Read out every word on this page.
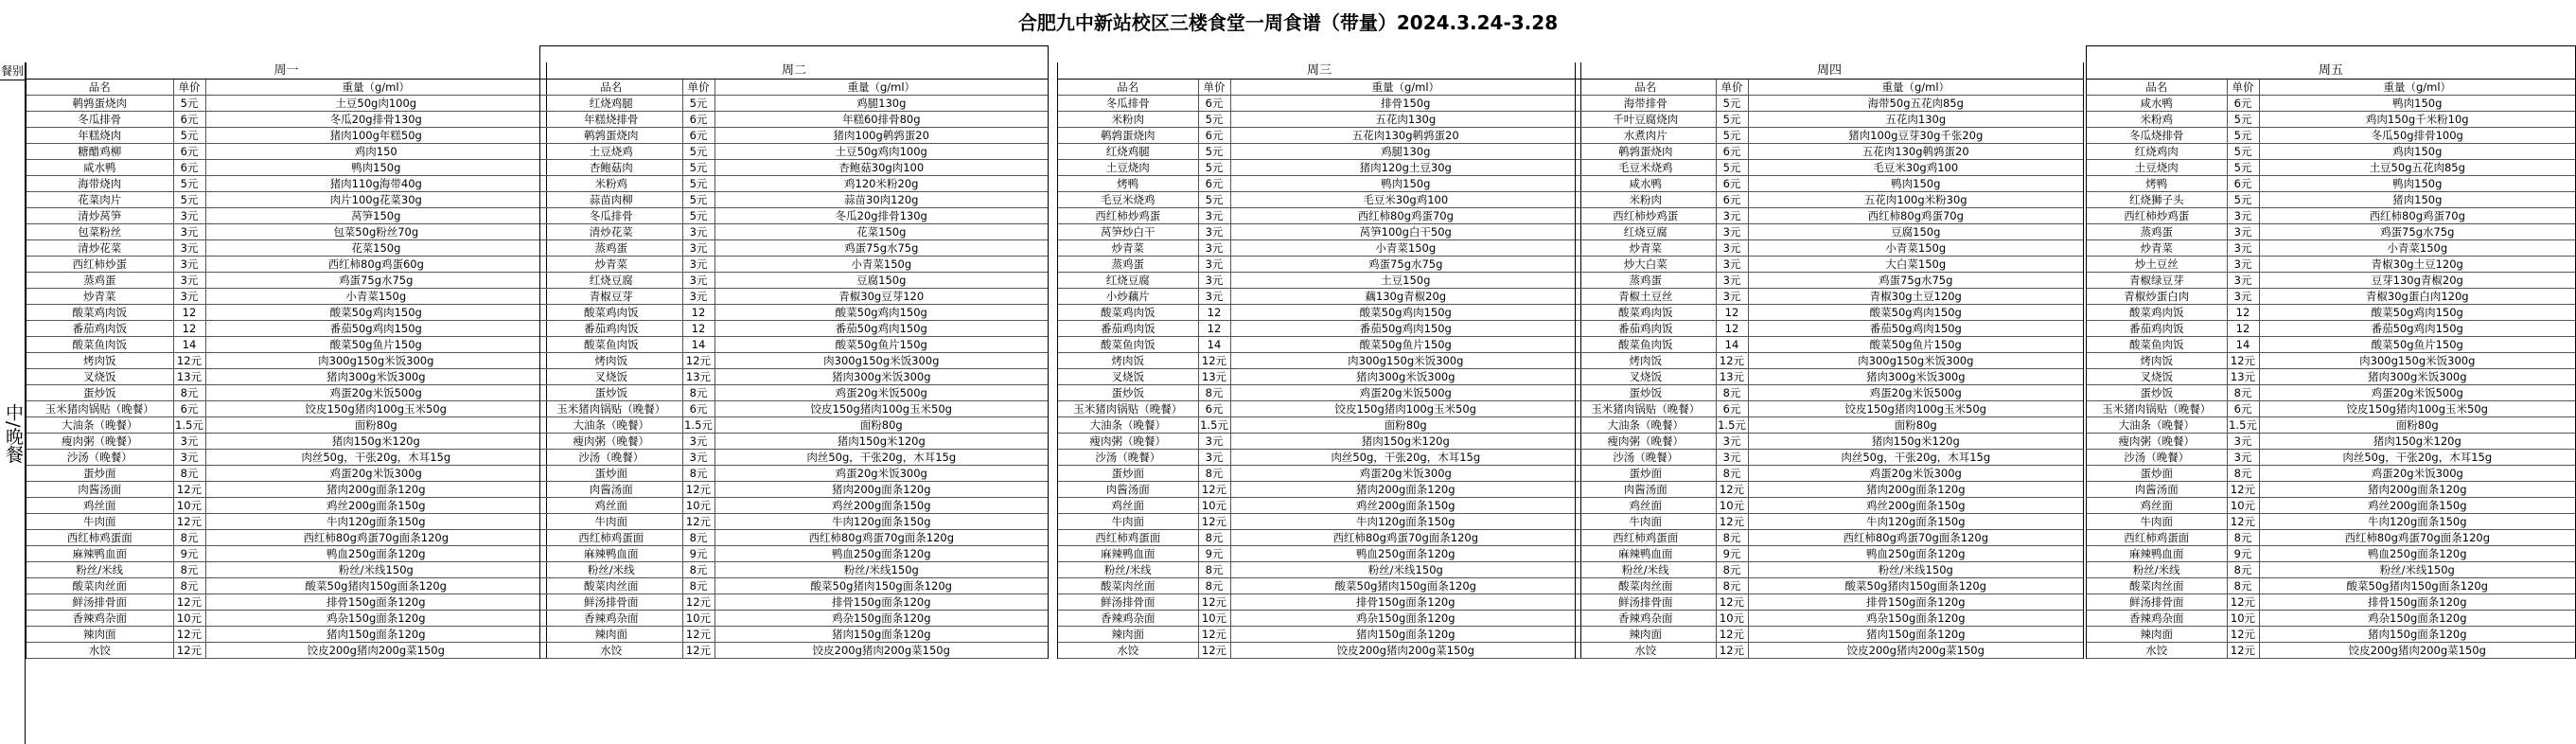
合肥九中新站校区三楼食堂一周食谱（带量）2024.3.24-3.28
餐别
中/晚餐
周一
品名	单价	重量（g/ml）
鹌鹑蛋烧肉	5元	土豆50g肉100g
冬瓜排骨	6元	冬瓜20g排骨130g
年糕烧肉	5元	猪肉100g年糕50g
糖醋鸡柳	6元	鸡肉150
咸水鸭	6元	鸭肉150g
海带烧肉	5元	猪肉110g海带40g
花菜肉片	5元	肉片100g花菜30g
清炒莴笋	3元	莴笋150g
包菜粉丝	3元	包菜50g粉丝70g
清炒花菜	3元	花菜150g
西红柿炒蛋	3元	西红柿80g鸡蛋60g
蒸鸡蛋	3元	鸡蛋75g水75g
炒青菜	3元	小青菜150g
酸菜鸡肉饭	12	酸菜50g鸡肉150g
番茄鸡肉饭	12	番茄50g鸡肉150g
酸菜鱼肉饭	14	酸菜50g鱼片150g
烤肉饭	12元	肉300g150g米饭300g
叉烧饭	13元	猪肉300g米饭300g
蛋炒饭	8元	鸡蛋20g米饭500g
玉米猪肉锅贴（晚餐）	6元	饺皮150g猪肉100g玉米50g
大油条（晚餐）	1.5元	面粉80g
瘦肉粥（晚餐）	3元	猪肉150g米120g
沙汤（晚餐）	3元	肉丝50g，干张20g，木耳15g
蛋炒面	8元	鸡蛋20g米饭300g
肉酱汤面	12元	猪肉200g面条120g
鸡丝面	10元	鸡丝200g面条150g
牛肉面	12元	牛肉120g面条150g
西红柿鸡蛋面	8元	西红柿80g鸡蛋70g面条120g
麻辣鸭血面	9元	鸭血250g面条120g
粉丝/米线	8元	粉丝/米线150g
酸菜肉丝面	8元	酸菜50g猪肉150g面条120g
鲜汤排骨面	12元	排骨150g面条120g
香辣鸡杂面	10元	鸡杂150g面条120g
辣肉面	12元	猪肉150g面条120g
水饺	12元	饺皮200g猪肉200g菜150g
周二
品名	单价	重量（g/ml）
红烧鸡腿	5元	鸡腿130g
年糕烧排骨	6元	年糕60排骨80g
鹌鹑蛋烧肉	6元	猪肉100g鹌鹑蛋20
土豆烧鸡	5元	土豆50g鸡肉100g
杏鲍菇肉	5元	杏鲍菇30g肉100
米粉鸡	5元	鸡120米粉20g
蒜苗肉柳	5元	蒜苗30肉120g
冬瓜排骨	5元	冬瓜20g排骨130g
清炒花菜	3元	花菜150g
蒸鸡蛋	3元	鸡蛋75g水75g
炒青菜	3元	小青菜150g
红烧豆腐	3元	豆腐150g
青椒豆芽	3元	青椒30g豆芽120
酸菜鸡肉饭	12	酸菜50g鸡肉150g
番茄鸡肉饭	12	番茄50g鸡肉150g
酸菜鱼肉饭	14	酸菜50g鱼片150g
烤肉饭	12元	肉300g150g米饭300g
叉烧饭	13元	猪肉300g米饭300g
蛋炒饭	8元	鸡蛋20g米饭500g
玉米猪肉锅贴（晚餐）	6元	饺皮150g猪肉100g玉米50g
大油条（晚餐）	1.5元	面粉80g
瘦肉粥（晚餐）	3元	猪肉150g米120g
沙汤（晚餐）	3元	肉丝50g，干张20g，木耳15g
蛋炒面	8元	鸡蛋20g米饭300g
肉酱汤面	12元	猪肉200g面条120g
鸡丝面	10元	鸡丝200g面条150g
牛肉面	12元	牛肉120g面条150g
西红柿鸡蛋面	8元	西红柿80g鸡蛋70g面条120g
麻辣鸭血面	9元	鸭血250g面条120g
粉丝/米线	8元	粉丝/米线150g
酸菜肉丝面	8元	酸菜50g猪肉150g面条120g
鲜汤排骨面	12元	排骨150g面条120g
香辣鸡杂面	10元	鸡杂150g面条120g
辣肉面	12元	猪肉150g面条120g
水饺	12元	饺皮200g猪肉200g菜150g
周三
品名	单价	重量（g/ml）
冬瓜排骨	6元	排骨150g
米粉肉	5元	五花肉130g
鹌鹑蛋烧肉	6元	五花肉130g鹌鹑蛋20
红烧鸡腿	5元	鸡腿130g
土豆烧肉	5元	猪肉120g土豆30g
烤鸭	6元	鸭肉150g
毛豆米烧鸡	5元	毛豆米30g鸡100
西红柿炒鸡蛋	3元	西红柿80g鸡蛋70g
莴笋炒白干	3元	莴笋100g白干50g
炒青菜	3元	小青菜150g
蒸鸡蛋	3元	鸡蛋75g水75g
红烧豆腐	3元	土豆150g
小炒藕片	3元	藕130g青椒20g
酸菜鸡肉饭	12	酸菜50g鸡肉150g
番茄鸡肉饭	12	番茄50g鸡肉150g
酸菜鱼肉饭	14	酸菜50g鱼片150g
烤肉饭	12元	肉300g150g米饭300g
叉烧饭	13元	猪肉300g米饭300g
蛋炒饭	8元	鸡蛋20g米饭500g
玉米猪肉锅贴（晚餐）	6元	饺皮150g猪肉100g玉米50g
大油条（晚餐）	1.5元	面粉80g
瘦肉粥（晚餐）	3元	猪肉150g米120g
沙汤（晚餐）	3元	肉丝50g，干张20g，木耳15g
蛋炒面	8元	鸡蛋20g米饭300g
肉酱汤面	12元	猪肉200g面条120g
鸡丝面	10元	鸡丝200g面条150g
牛肉面	12元	牛肉120g面条150g
西红柿鸡蛋面	8元	西红柿80g鸡蛋70g面条120g
麻辣鸭血面	9元	鸭血250g面条120g
粉丝/米线	8元	粉丝/米线150g
酸菜肉丝面	8元	酸菜50g猪肉150g面条120g
鲜汤排骨面	12元	排骨150g面条120g
香辣鸡杂面	10元	鸡杂150g面条120g
辣肉面	12元	猪肉150g面条120g
水饺	12元	饺皮200g猪肉200g菜150g
周四
品名	单价	重量（g/ml）
海带排骨	5元	海带50g五花肉85g
千叶豆腐烧肉	5元	五花肉130g
水煮肉片	5元	猪肉100g豆芽30g千张20g
鹌鹑蛋烧肉	6元	五花肉130g鹌鹑蛋20
毛豆米烧鸡	5元	毛豆米30g鸡100
咸水鸭	6元	鸭肉150g
米粉肉	6元	五花肉100g米粉30g
西红柿炒鸡蛋	3元	西红柿80g鸡蛋70g
红烧豆腐	3元	豆腐150g
炒青菜	3元	小青菜150g
炒大白菜	3元	大白菜150g
蒸鸡蛋	3元	鸡蛋75g水75g
青椒土豆丝	3元	青椒30g土豆120g
酸菜鸡肉饭	12	酸菜50g鸡肉150g
番茄鸡肉饭	12	番茄50g鸡肉150g
酸菜鱼肉饭	14	酸菜50g鱼片150g
烤肉饭	12元	肉300g150g米饭300g
叉烧饭	13元	猪肉300g米饭300g
蛋炒饭	8元	鸡蛋20g米饭500g
玉米猪肉锅贴（晚餐）	6元	饺皮150g猪肉100g玉米50g
大油条（晚餐）	1.5元	面粉80g
瘦肉粥（晚餐）	3元	猪肉150g米120g
沙汤（晚餐）	3元	肉丝50g，干张20g，木耳15g
蛋炒面	8元	鸡蛋20g米饭300g
肉酱汤面	12元	猪肉200g面条120g
鸡丝面	10元	鸡丝200g面条150g
牛肉面	12元	牛肉120g面条150g
西红柿鸡蛋面	8元	西红柿80g鸡蛋70g面条120g
麻辣鸭血面	9元	鸭血250g面条120g
粉丝/米线	8元	粉丝/米线150g
酸菜肉丝面	8元	酸菜50g猪肉150g面条120g
鲜汤排骨面	12元	排骨150g面条120g
香辣鸡杂面	10元	鸡杂150g面条120g
辣肉面	12元	猪肉150g面条120g
水饺	12元	饺皮200g猪肉200g菜150g
周五
品名	单价	重量（g/ml）
咸水鸭	6元	鸭肉150g
米粉鸡	5元	鸡肉150g千米粉10g
冬瓜烧排骨	5元	冬瓜50g排骨100g
红烧鸡肉	5元	鸡肉150g
土豆烧肉	5元	土豆50g五花肉85g
烤鸭	6元	鸭肉150g
红烧狮子头	5元	猪肉150g
西红柿炒鸡蛋	3元	西红柿80g鸡蛋70g
蒸鸡蛋	3元	鸡蛋75g水75g
炒青菜	3元	小青菜150g
炒土豆丝	3元	青椒30g土豆120g
青椒绿豆芽	3元	豆芽130g青椒20g
青椒炒蛋白肉	3元	青椒30g蛋白肉120g
酸菜鸡肉饭	12	酸菜50g鸡肉150g
番茄鸡肉饭	12	番茄50g鸡肉150g
酸菜鱼肉饭	14	酸菜50g鱼片150g
烤肉饭	12元	肉300g150g米饭300g
叉烧饭	13元	猪肉300g米饭300g
蛋炒饭	8元	鸡蛋20g米饭500g
玉米猪肉锅贴（晚餐）	6元	饺皮150g猪肉100g玉米50g
大油条（晚餐）	1.5元	面粉80g
瘦肉粥（晚餐）	3元	猪肉150g米120g
沙汤（晚餐）	3元	肉丝50g，干张20g，木耳15g
蛋炒面	8元	鸡蛋20g米饭300g
肉酱汤面	12元	猪肉200g面条120g
鸡丝面	10元	鸡丝200g面条150g
牛肉面	12元	牛肉120g面条150g
西红柿鸡蛋面	8元	西红柿80g鸡蛋70g面条120g
麻辣鸭血面	9元	鸭血250g面条120g
粉丝/米线	8元	粉丝/米线150g
酸菜肉丝面	8元	酸菜50g猪肉150g面条120g
鲜汤排骨面	12元	排骨150g面条120g
香辣鸡杂面	10元	鸡杂150g面条120g
辣肉面	12元	猪肉150g面条120g
水饺	12元	饺皮200g猪肉200g菜150g
